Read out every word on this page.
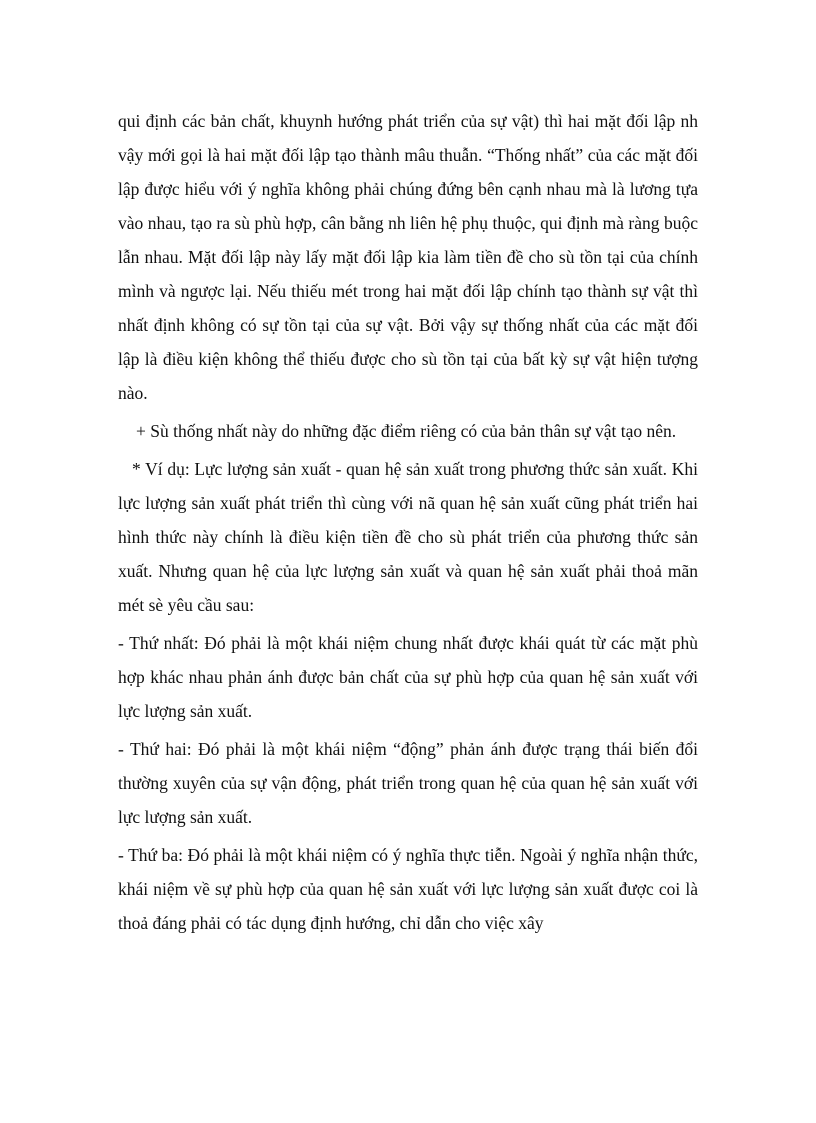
qui định các bản chất, khuynh hướng phát triển của sự vật) thì hai mặt đối lập nh vậy mới gọi là hai mặt đối lập tạo thành mâu thuẫn. “Thống nhất” của các mặt đối lập được hiểu với ý nghĩa không phải chúng đứng bên cạnh nhau mà là lương tựa vào nhau, tạo ra sù phù hợp, cân bằng nh liên hệ phụ thuộc, qui định mà ràng buộc lẫn nhau. Mặt đối lập này lấy mặt đối lập kia làm tiền đề cho sù tồn tại của chính mình và ngược lại. Nếu thiếu mét trong hai mặt đối lập chính tạo thành sự vật thì nhất định không có sự tồn tại của sự vật. Bởi vậy sự thống nhất của các mặt đối lập là điều kiện không thể thiếu được cho sù tồn tại của bất kỳ sự vật hiện tượng nào.

+ Sù thống nhất này do những đặc điểm riêng có của bản thân sự vật tạo nên.

* Ví dụ: Lực lượng sản xuất - quan hệ sản xuất trong phương thức sản xuất. Khi lực lượng sản xuất phát triển thì cùng với nã quan hệ sản xuất cũng phát triển hai hình thức này chính là điều kiện tiền đề cho sù phát triển của phương thức sản xuất. Nhưng quan hệ của lực lượng sản xuất và quan hệ sản xuất phải thoả mãn mét sè yêu cầu sau:

- Thứ nhất: Đó phải là một khái niệm chung nhất được khái quát từ các mặt phù hợp khác nhau phản ánh được bản chất của sự phù hợp của quan hệ sản xuất với lực lượng sản xuất.

- Thứ hai: Đó phải là một khái niệm “động” phản ánh được trạng thái biến đổi thường xuyên của sự vận động, phát triển trong quan hệ của quan hệ sản xuất với lực lượng sản xuất.

- Thứ ba: Đó phải là một khái niệm có ý nghĩa thực tiễn. Ngoài ý nghĩa nhận thức, khái niệm về sự phù hợp của quan hệ sản xuất với lực lượng sản xuất được coi là thoả đáng phải có tác dụng định hướng, chỉ dẫn cho việc xây
